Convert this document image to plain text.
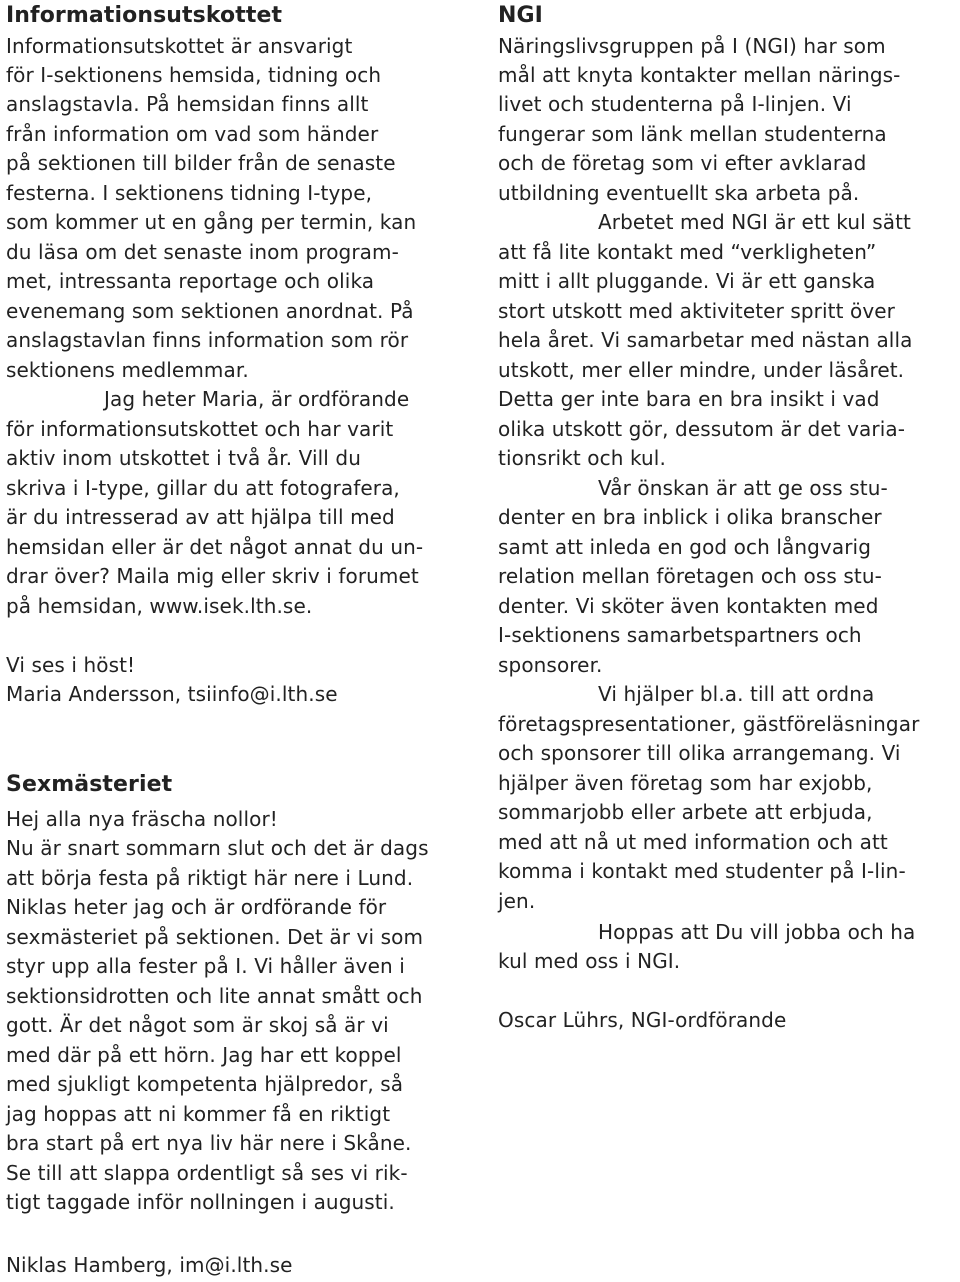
Informationsutskottet
Informationsutskottet är ansvarigt
för I-sektionens hemsida, tidning och
anslagstavla. På hemsidan finns allt
från information om vad som händer
på sektionen till bilder från de senaste
festerna. I sektionens tidning I-type,
som kommer ut en gång per termin, kan
du läsa om det senaste inom program-
met, intressanta reportage och olika
evenemang som sektionen anordnat. På
anslagstavlan finns information som rör
sektionens medlemmar.
Jag heter Maria, är ordförande
för informationsutskottet och har varit
aktiv inom utskottet i två år. Vill du
skriva i I-type, gillar du att fotografera,
är du intresserad av att hjälpa till med
hemsidan eller är det något annat du un-
drar över? Maila mig eller skriv i forumet
på hemsidan, www.isek.lth.se.
Vi ses i höst!
Maria Andersson, tsiinfo@i.lth.se
Sexmästeriet
Hej alla nya fräscha nollor!
Nu är snart sommarn slut och det är dags
att börja festa på riktigt här nere i Lund.
Niklas heter jag och är ordförande för
sexmästeriet på sektionen. Det är vi som
styr upp alla fester på I. Vi håller även i
sektionsidrotten och lite annat smått och
gott. Är det något som är skoj så är vi
med där på ett hörn. Jag har ett koppel
med sjukligt kompetenta hjälpredor, så
jag hoppas att ni kommer få en riktigt
bra start på ert nya liv här nere i Skåne.
Se till att slappa ordentligt så ses vi rik-
tigt taggade inför nollningen i augusti.
Niklas Hamberg, im@i.lth.se
NGI
Näringslivsgruppen på I (NGI) har som
mål att knyta kontakter mellan närings-
livet och studenterna på I-linjen. Vi
fungerar som länk mellan studenterna
och de företag som vi efter avklarad
utbildning eventuellt ska arbeta på.
Arbetet med NGI är ett kul sätt
att få lite kontakt med “verkligheten”
mitt i allt pluggande. Vi är ett ganska
stort utskott med aktiviteter spritt över
hela året. Vi samarbetar med nästan alla
utskott, mer eller mindre, under läsåret.
Detta ger inte bara en bra insikt i vad
olika utskott gör, dessutom är det varia-
tionsrikt och kul.
Vår önskan är att ge oss stu-
denter en bra inblick i olika branscher
samt att inleda en god och långvarig
relation mellan företagen och oss stu-
denter. Vi sköter även kontakten med
I-sektionens samarbetspartners och
sponsorer.
Vi hjälper bl.a. till att ordna
företagspresentationer, gästföreläsningar
och sponsorer till olika arrangemang. Vi
hjälper även företag som har exjobb,
sommarjobb eller arbete att erbjuda,
med att nå ut med information och att
komma i kontakt med studenter på I-lin-
jen.
Hoppas att Du vill jobba och ha
kul med oss i NGI.
Oscar Lührs, NGI-ordförande
